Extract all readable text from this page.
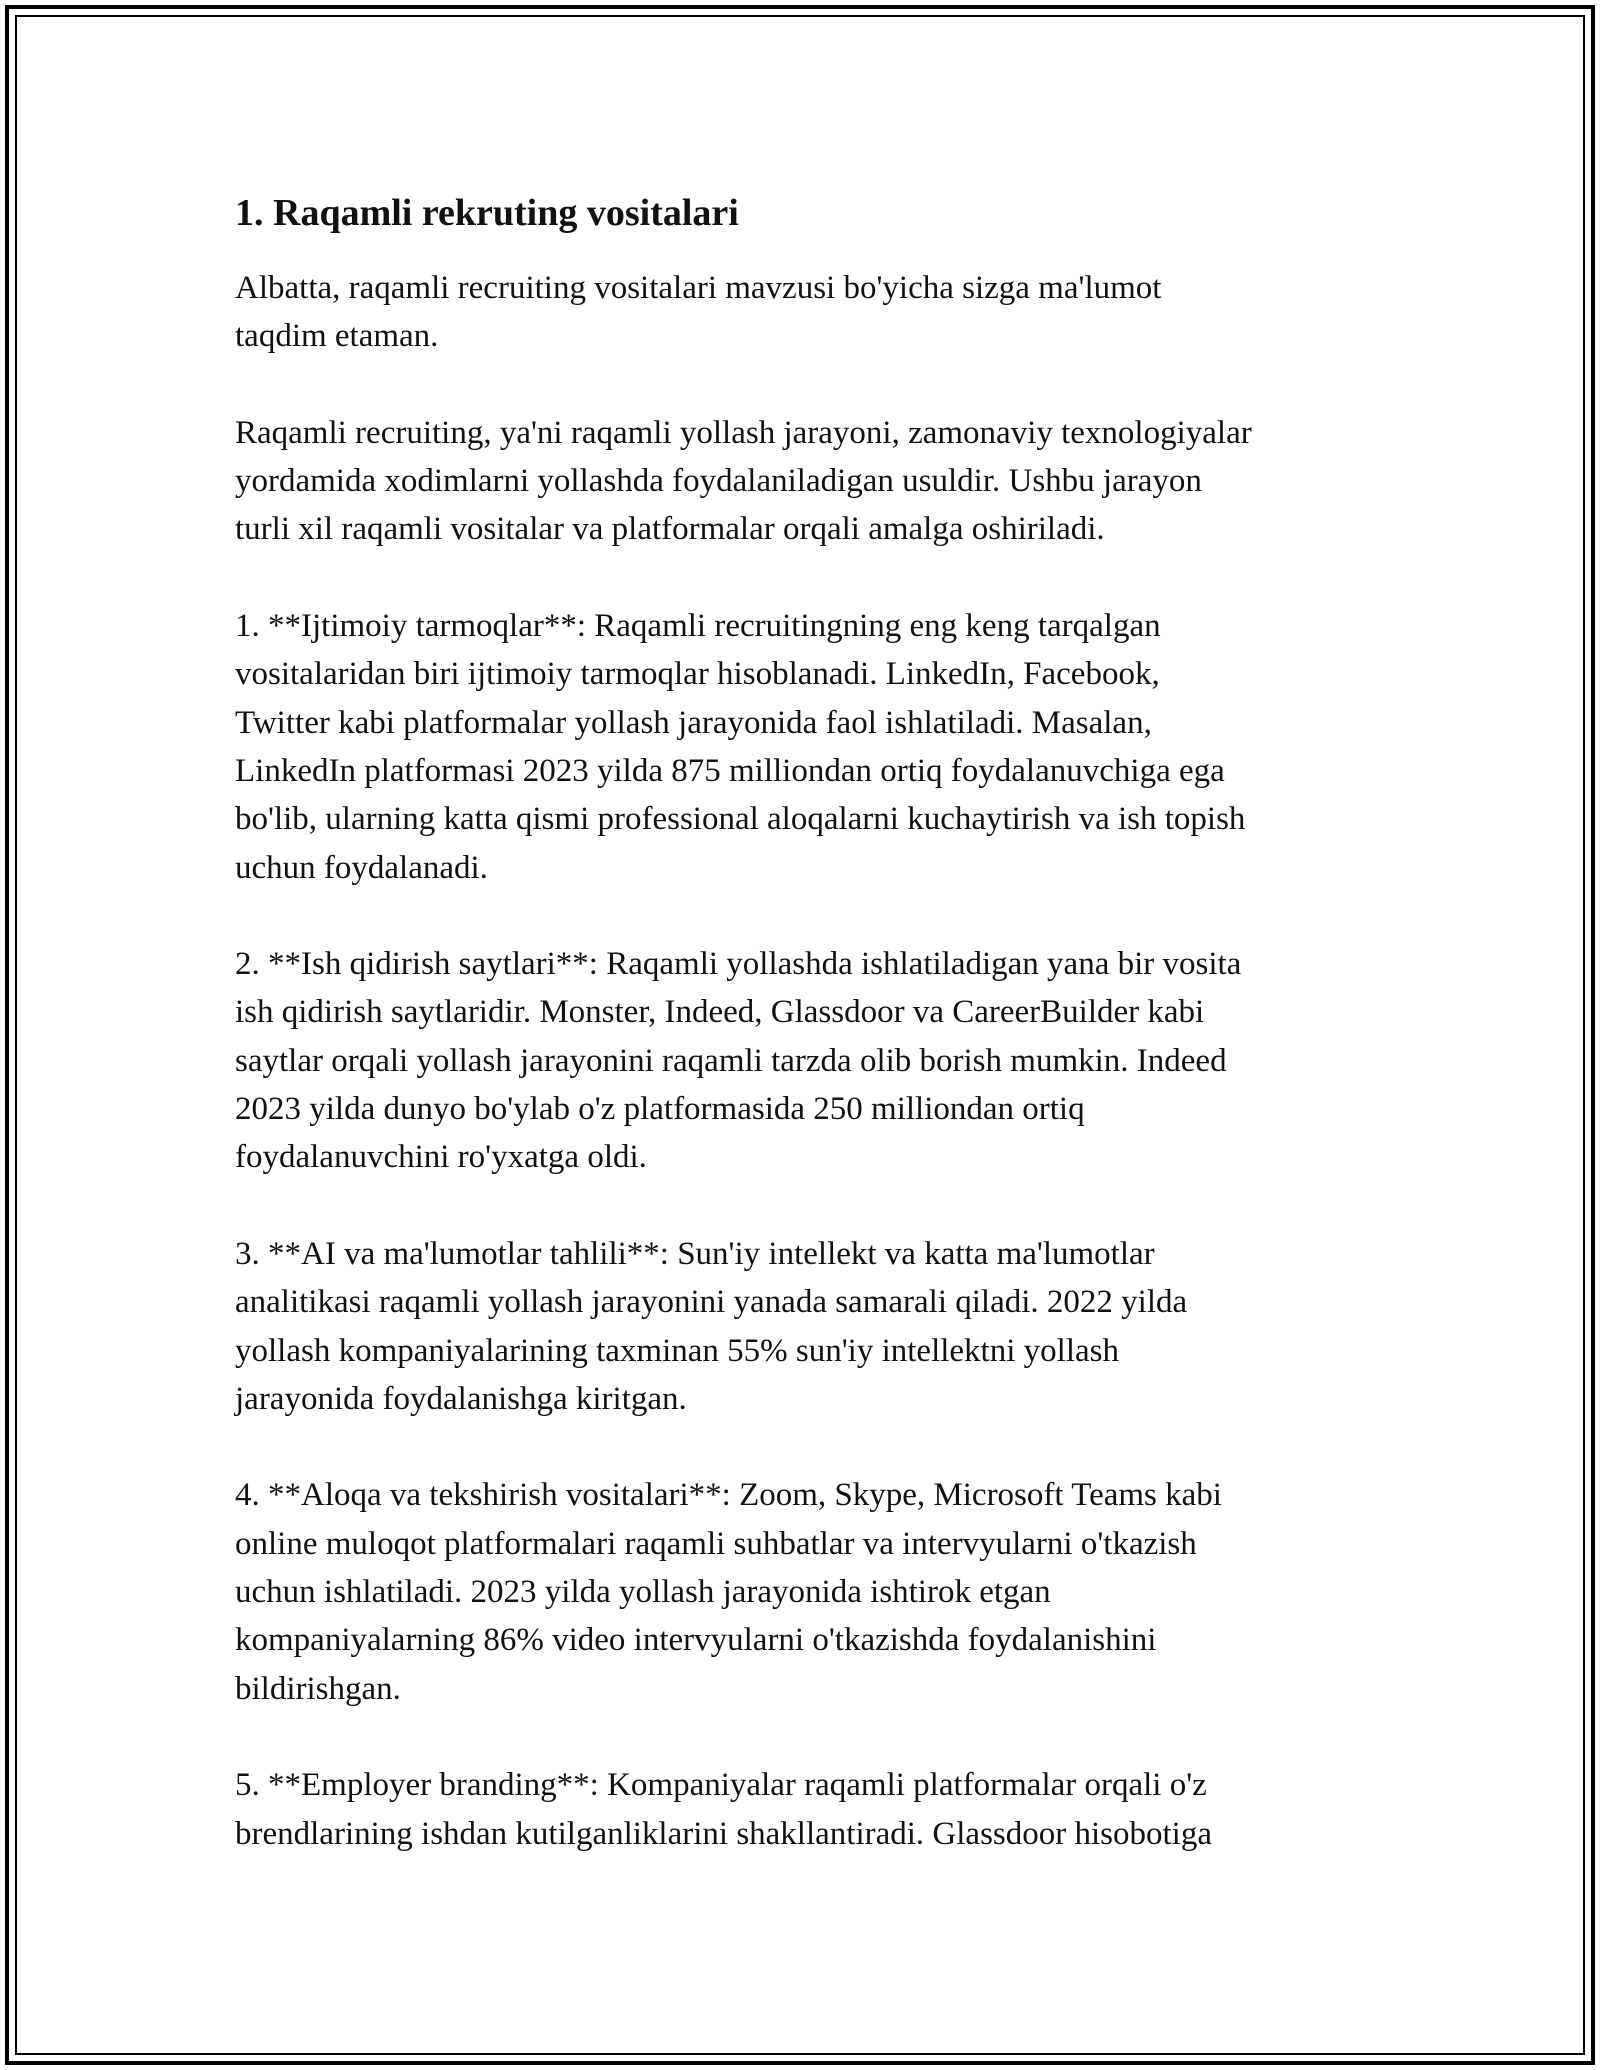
1. Raqamli rekruting vositalari

Albatta, raqamli recruiting vositalari mavzusi bo'yicha sizga ma'lumot
taqdim etaman.

Raqamli recruiting, ya'ni raqamli yollash jarayoni, zamonaviy texnologiyalar
yordamida xodimlarni yollashda foydalaniladigan usuldir. Ushbu jarayon
turli xil raqamli vositalar va platformalar orqali amalga oshiriladi.

1. **Ijtimoiy tarmoqlar**: Raqamli recruitingning eng keng tarqalgan
vositalaridan biri ijtimoiy tarmoqlar hisoblanadi. LinkedIn, Facebook,
Twitter kabi platformalar yollash jarayonida faol ishlatiladi. Masalan,
LinkedIn platformasi 2023 yilda 875 milliondan ortiq foydalanuvchiga ega
bo'lib, ularning katta qismi professional aloqalarni kuchaytirish va ish topish
uchun foydalanadi.

2. **Ish qidirish saytlari**: Raqamli yollashda ishlatiladigan yana bir vosita
ish qidirish saytlaridir. Monster, Indeed, Glassdoor va CareerBuilder kabi
saytlar orqali yollash jarayonini raqamli tarzda olib borish mumkin. Indeed
2023 yilda dunyo bo'ylab o'z platformasida 250 milliondan ortiq
foydalanuvchini ro'yxatga oldi.

3. **AI va ma'lumotlar tahlili**: Sun'iy intellekt va katta ma'lumotlar
analitikasi raqamli yollash jarayonini yanada samarali qiladi. 2022 yilda
yollash kompaniyalarining taxminan 55% sun'iy intellektni yollash
jarayonida foydalanishga kiritgan.

4. **Aloqa va tekshirish vositalari**: Zoom, Skype, Microsoft Teams kabi
online muloqot platformalari raqamli suhbatlar va intervyularni o'tkazish
uchun ishlatiladi. 2023 yilda yollash jarayonida ishtirok etgan
kompaniyalarning 86% video intervyularni o'tkazishda foydalanishini
bildirishgan.

5. **Employer branding**: Kompaniyalar raqamli platformalar orqali o'z
brendlarining ishdan kutilganliklarini shakllantiradi. Glassdoor hisobotiga
